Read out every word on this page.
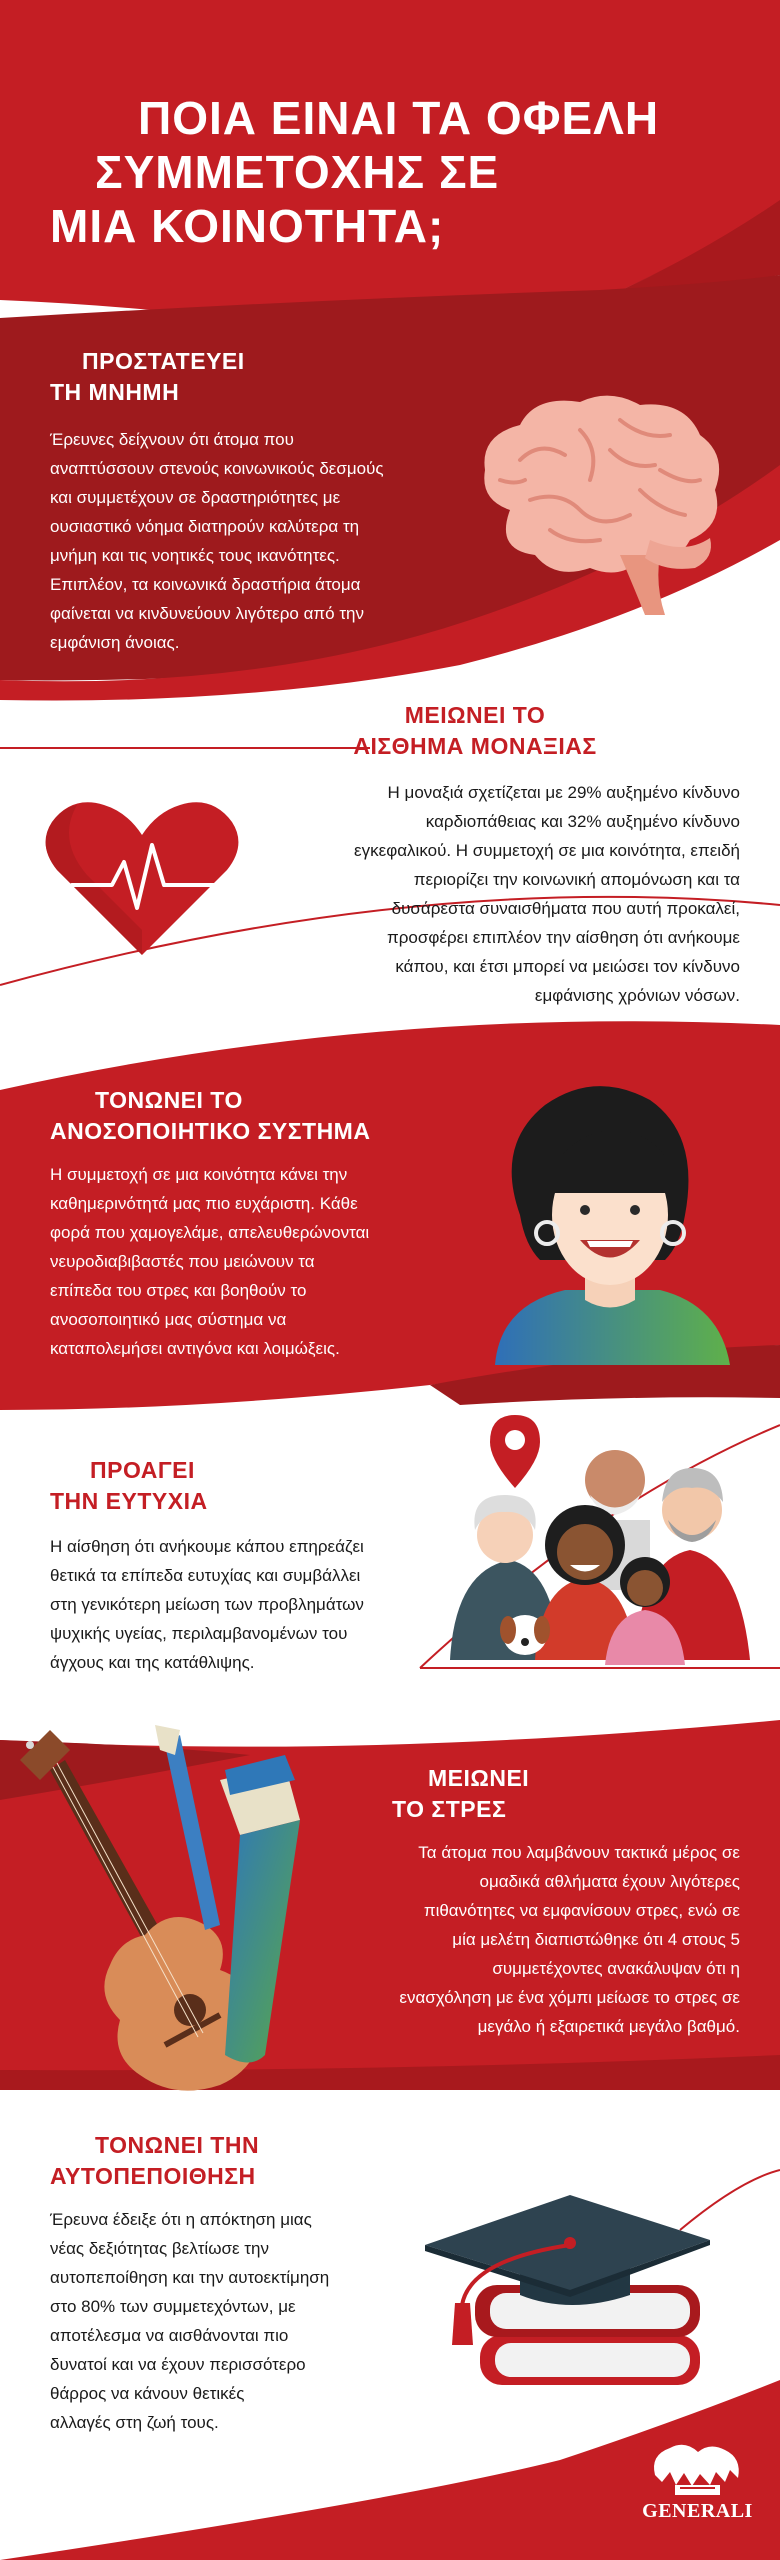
ΠΟΙΑ ΕΙΝΑΙ ΤΑ ΟΦΕΛΗ

ΣΥΜΜΕΤΟΧΗΣ ΣΕ

ΜΙΑ ΚΟΙΝΟΤΗΤΑ;

ΠΡΟΣΤΑΤΕΥΕΙ

ΤΗ ΜΝΗΜΗ

Έρευνες δείχνουν ότι άτομα που
αναπτύσσουν στενούς κοινωνικούς δεσμούς
και συμμετέχουν σε δραστηριότητες με
ουσιαστικό νόημα διατηρούν καλύτερα τη
μνήμη και τις νοητικές τους ικανότητες.
Επιπλέον, τα κοινωνικά δραστήρια άτομα
φαίνεται να κινδυνεύουν λιγότερο από την
εμφάνιση άνοιας.

ΜΕΙΩΝΕΙ ΤΟ

ΑΙΣΘΗΜΑ ΜΟΝΑΞΙΑΣ

Η μοναξιά σχετίζεται με 29% αυξημένο κίνδυνο
καρδιοπάθειας και 32% αυξημένο κίνδυνο
εγκεφαλικού. Η συμμετοχή σε μια κοινότητα, επειδή
περιορίζει την κοινωνική απομόνωση και τα
δυσάρεστα συναισθήματα που αυτή προκαλεί,
προσφέρει επιπλέον την αίσθηση ότι ανήκουμε
κάπου, και έτσι μπορεί να μειώσει τον κίνδυνο
εμφάνισης χρόνιων νόσων.

ΤΟΝΩΝΕΙ ΤΟ

ΑΝΟΣΟΠΟΙΗΤΙΚΟ ΣΥΣΤΗΜΑ

Η συμμετοχή σε μια κοινότητα κάνει την
καθημερινότητά μας πιο ευχάριστη. Κάθε
φορά που χαμογελάμε, απελευθερώνονται
νευροδιαβιβαστές που μειώνουν τα
επίπεδα του στρες και βοηθούν το
ανοσοποιητικό μας σύστημα να
καταπολεμήσει αντιγόνα και λοιμώξεις.

ΠΡΟΑΓΕΙ

ΤΗΝ ΕΥΤΥΧΙΑ

Η αίσθηση ότι ανήκουμε κάπου επηρεάζει
θετικά τα επίπεδα ευτυχίας και συμβάλλει
στη γενικότερη μείωση των προβλημάτων
ψυχικής υγείας, περιλαμβανομένων του
άγχους και της κατάθλιψης.

ΜΕΙΩΝΕΙ

ΤΟ ΣΤΡΕΣ

Τα άτομα που λαμβάνουν τακτικά μέρος σε
ομαδικά αθλήματα έχουν λιγότερες
πιθανότητες να εμφανίσουν στρες, ενώ σε
μία μελέτη διαπιστώθηκε ότι 4 στους 5
συμμετέχοντες ανακάλυψαν ότι η
ενασχόληση με ένα χόμπι μείωσε το στρες σε
μεγάλο ή εξαιρετικά μεγάλο βαθμό.

ΤΟΝΩΝΕΙ ΤΗΝ

ΑΥΤΟΠΕΠΟΙΘΗΣΗ

Έρευνα έδειξε ότι η απόκτηση μιας
νέας δεξιότητας βελτίωσε την
αυτοπεποίθηση και την αυτοεκτίμηση
στο 80% των συμμετεχόντων, με
αποτέλεσμα να αισθάνονται πιο
δυνατοί και να έχουν περισσότερο
θάρρος να κάνουν θετικές
αλλαγές στη ζωή τους.
GENERALI
